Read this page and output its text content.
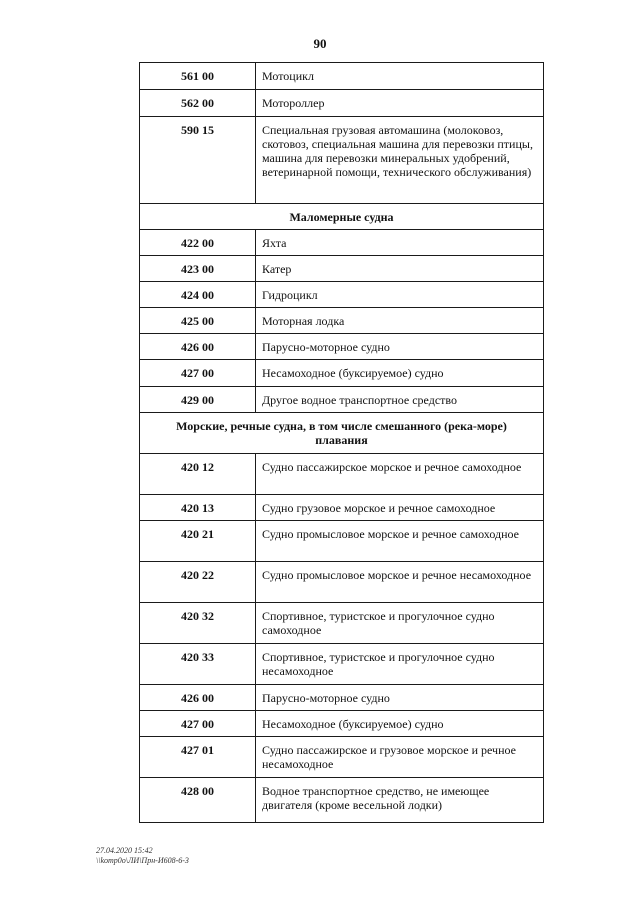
90
561 00	Мотоцикл
562 00	Мотороллер
590 15	Специальная грузовая автомашина (молоковоз, скотовоз, специальная машина для перевозки птицы, машина для перевозки минеральных удобрений, ветеринарной помощи, технического обслуживания)
Маломерные судна	
422 00	Яхта
423 00	Катер
424 00	Гидроцикл
425 00	Моторная лодка
426 00	Парусно-моторное судно
427 00	Несамоходное (буксируемое) судно
429 00	Другое водное транспортное средство
Морские, речные судна, в том числе смешанного (река-море) плавания	
420 12	Судно пассажирское морское и речное самоходное
420 13	Судно грузовое морское и речное самоходное
420 21	Судно промысловое морское и речное самоходное
420 22	Судно промысловое морское и речное несамоходное
420 32	Спортивное, туристское и прогулочное судно самоходное
420 33	Спортивное, туристское и прогулочное судно несамоходное
426 00	Парусно-моторное судно
427 00	Несамоходное (буксируемое) судно
427 01	Судно пассажирское и грузовое морское и речное несамоходное
428 00	Водное транспортное средство, не имеющее двигателя (кроме весельной лодки)
27.04.2020 15:42
\\komp0o\ЛИ\Прн-И608-6-3
